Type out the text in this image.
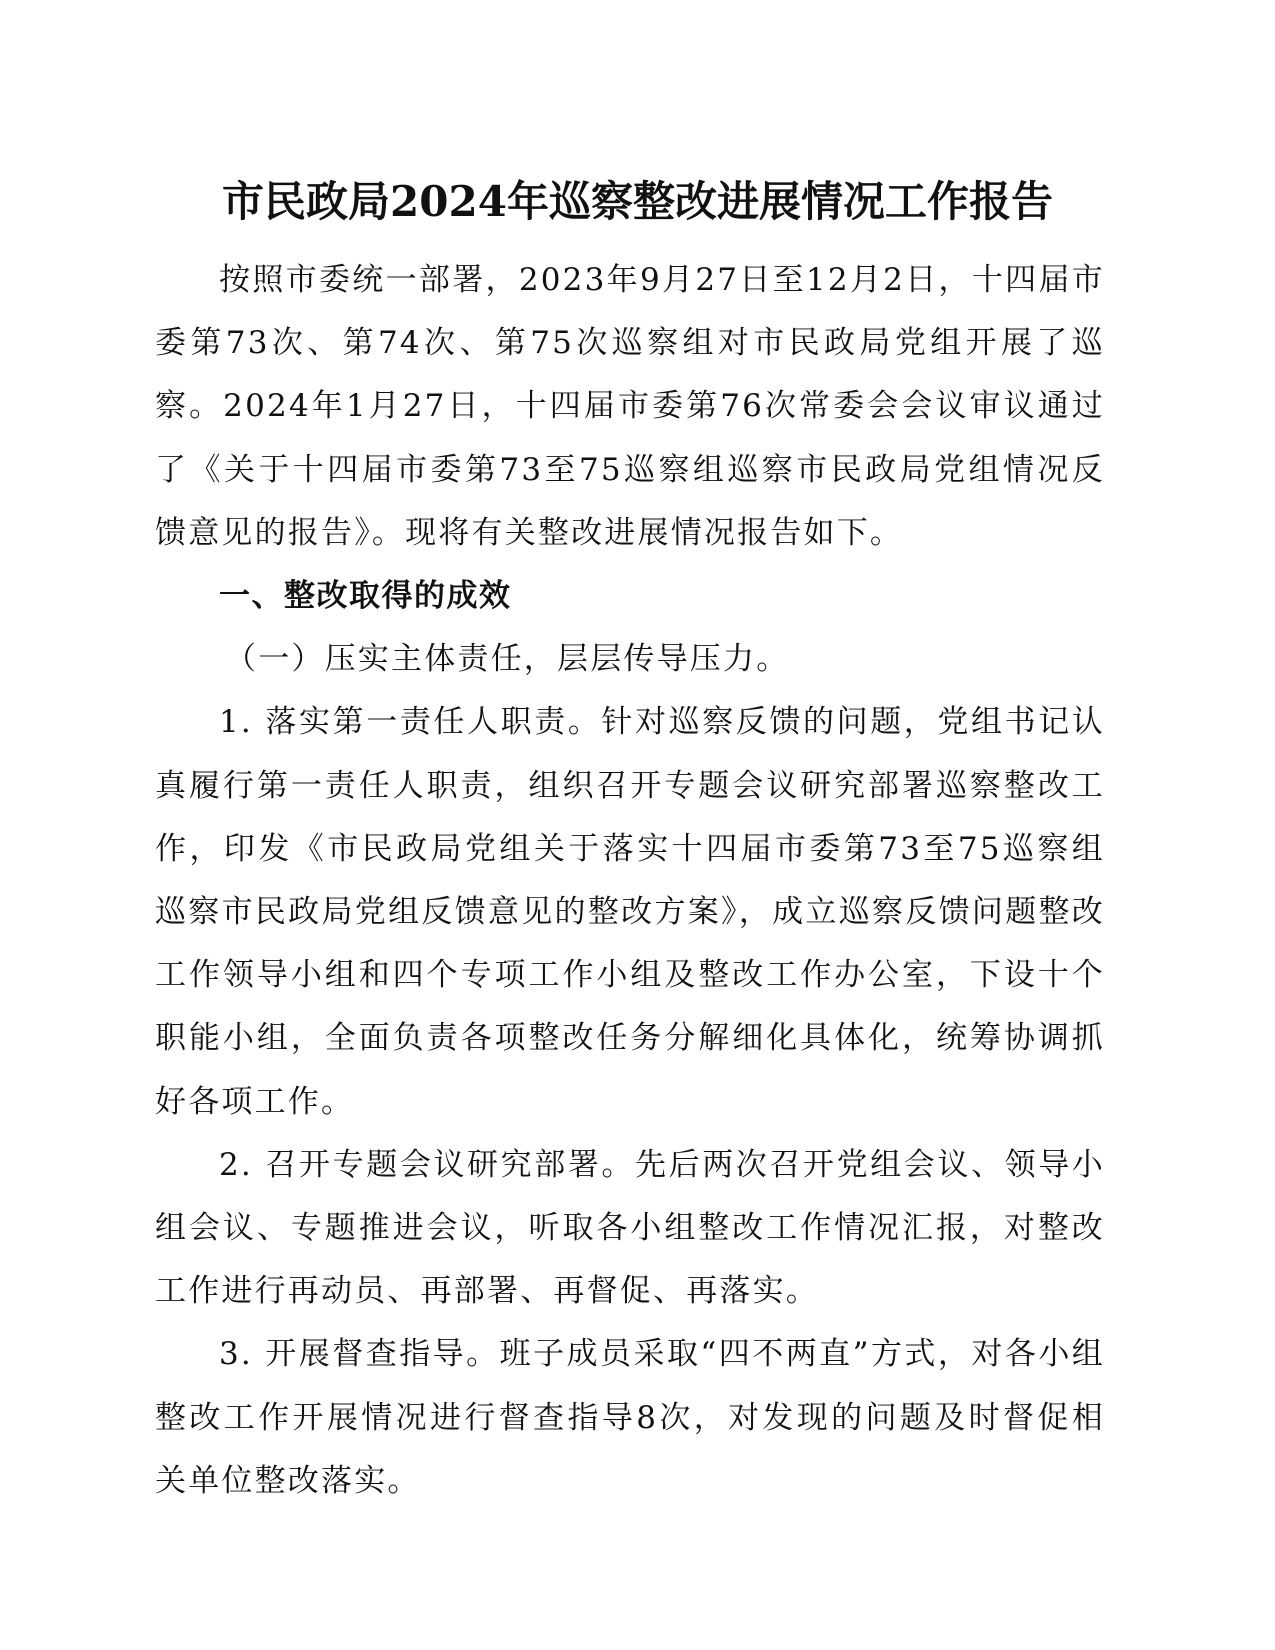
市民政局2024年巡察整改进展情况工作报告

按照市委统一部署，2023年9月27日至12月2日，十四届市委第73次、第74次、第75次巡察组对市民政局党组开展了巡察。2024年1月27日，十四届市委第76次常委会会议审议通过了《关于十四届市委第73至75巡察组巡察市民政局党组情况反馈意见的报告》。现将有关整改进展情况报告如下。

一、整改取得的成效

（一）压实主体责任，层层传导压力。

1. 落实第一责任人职责。针对巡察反馈的问题，党组书记认真履行第一责任人职责，组织召开专题会议研究部署巡察整改工作，印发《市民政局党组关于落实十四届市委第73至75巡察组巡察市民政局党组反馈意见的整改方案》，成立巡察反馈问题整改工作领导小组和四个专项工作小组及整改工作办公室，下设十个职能小组，全面负责各项整改任务分解细化具体化，统筹协调抓好各项工作。

2. 召开专题会议研究部署。先后两次召开党组会议、领导小组会议、专题推进会议，听取各小组整改工作情况汇报，对整改工作进行再动员、再部署、再督促、再落实。

3. 开展督查指导。班子成员采取“四不两直”方式，对各小组整改工作开展情况进行督查指导8次，对发现的问题及时督促相关单位整改落实。
